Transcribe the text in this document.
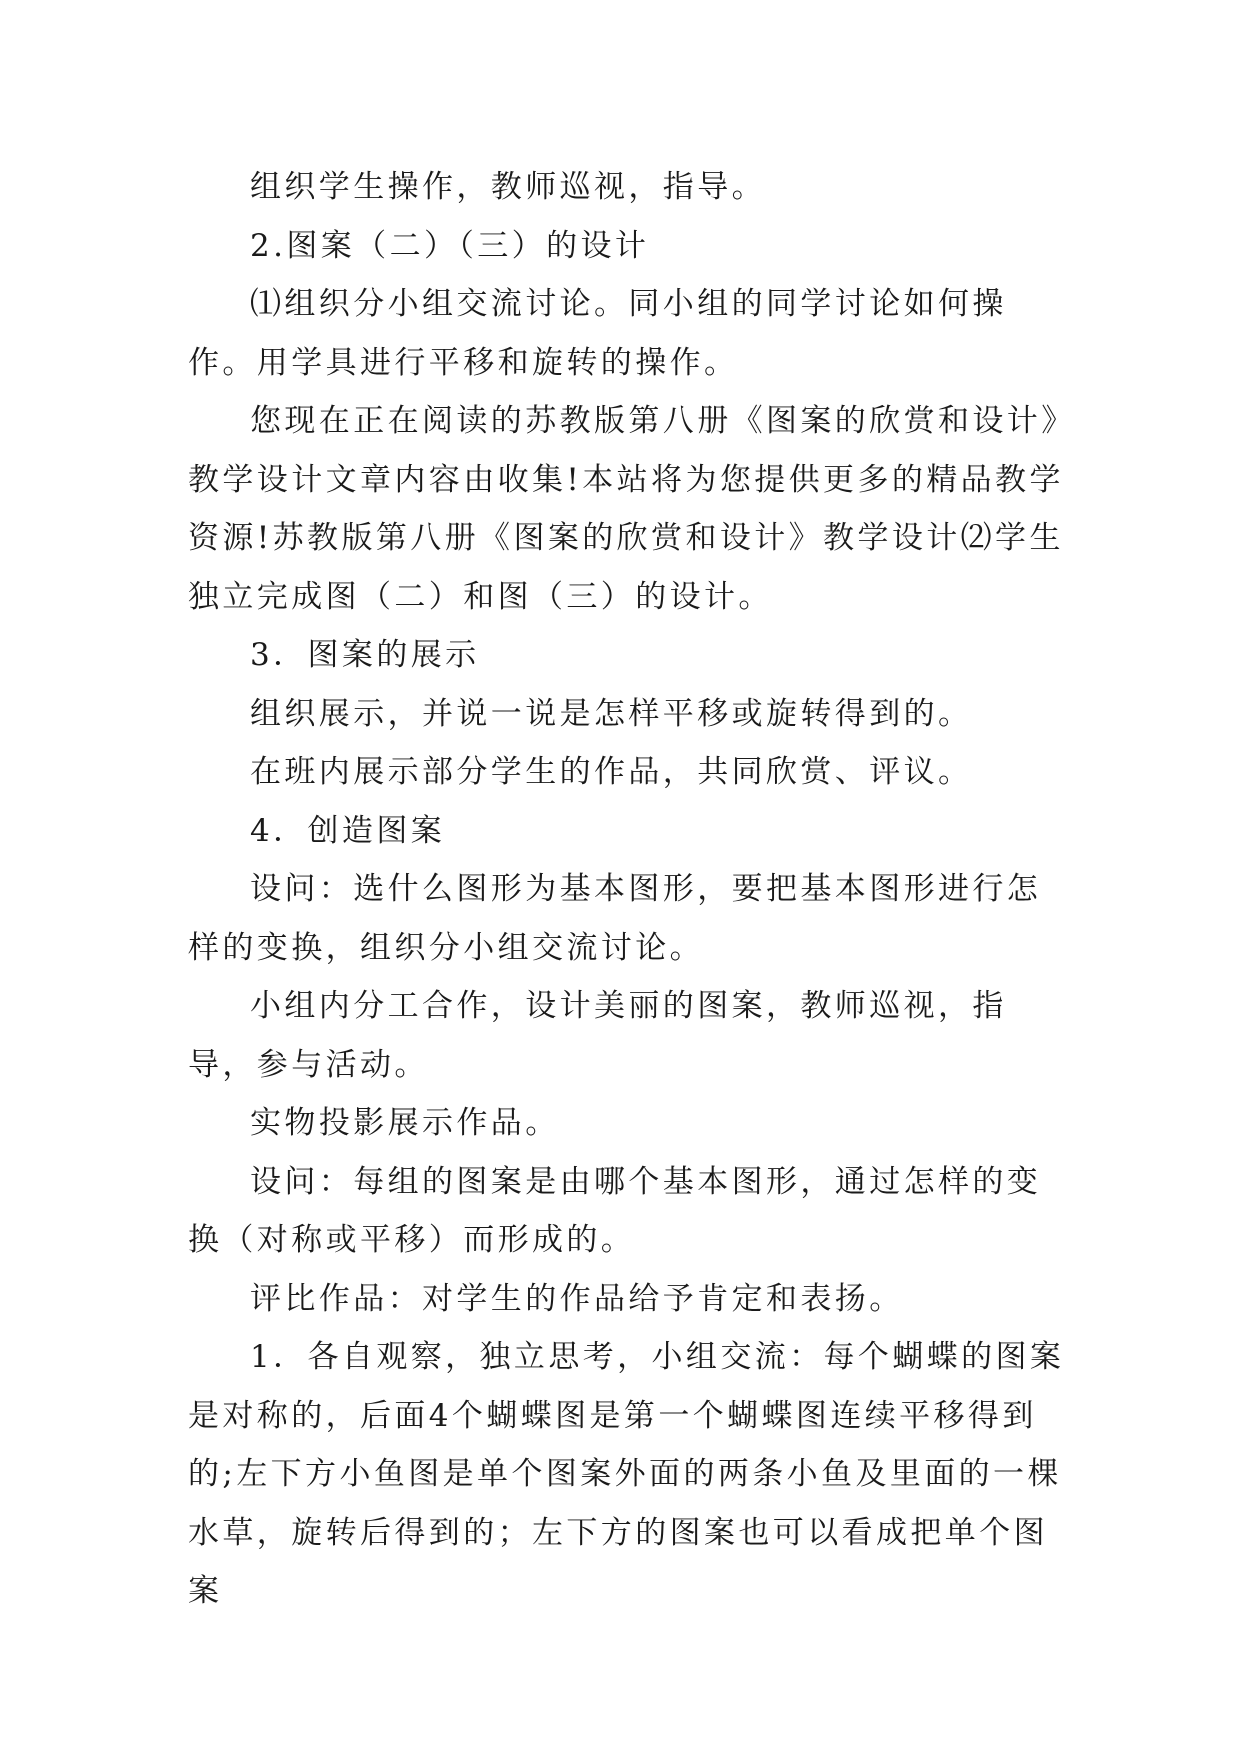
组织学生操作，教师巡视，指导。

2.图案（二）（三）的设计

⑴组织分小组交流讨论。同小组的同学讨论如何操作。用学具进行平移和旋转的操作。

您现在正在阅读的苏教版第八册《图案的欣赏和设计》教学设计文章内容由收集!本站将为您提供更多的精品教学资源!苏教版第八册《图案的欣赏和设计》教学设计⑵学生独立完成图（二）和图（三）的设计。

3．图案的展示

组织展示，并说一说是怎样平移或旋转得到的。

在班内展示部分学生的作品，共同欣赏、评议。

4．创造图案

设问：选什么图形为基本图形，要把基本图形进行怎样的变换，组织分小组交流讨论。

小组内分工合作，设计美丽的图案，教师巡视，指导，参与活动。

实物投影展示作品。

设问：每组的图案是由哪个基本图形，通过怎样的变换（对称或平移）而形成的。

评比作品：对学生的作品给予肯定和表扬。

1．各自观察，独立思考，小组交流：每个蝴蝶的图案是对称的，后面4个蝴蝶图是第一个蝴蝶图连续平移得到的;左下方小鱼图是单个图案外面的两条小鱼及里面的一棵水草，旋转后得到的；左下方的图案也可以看成把单个图案
